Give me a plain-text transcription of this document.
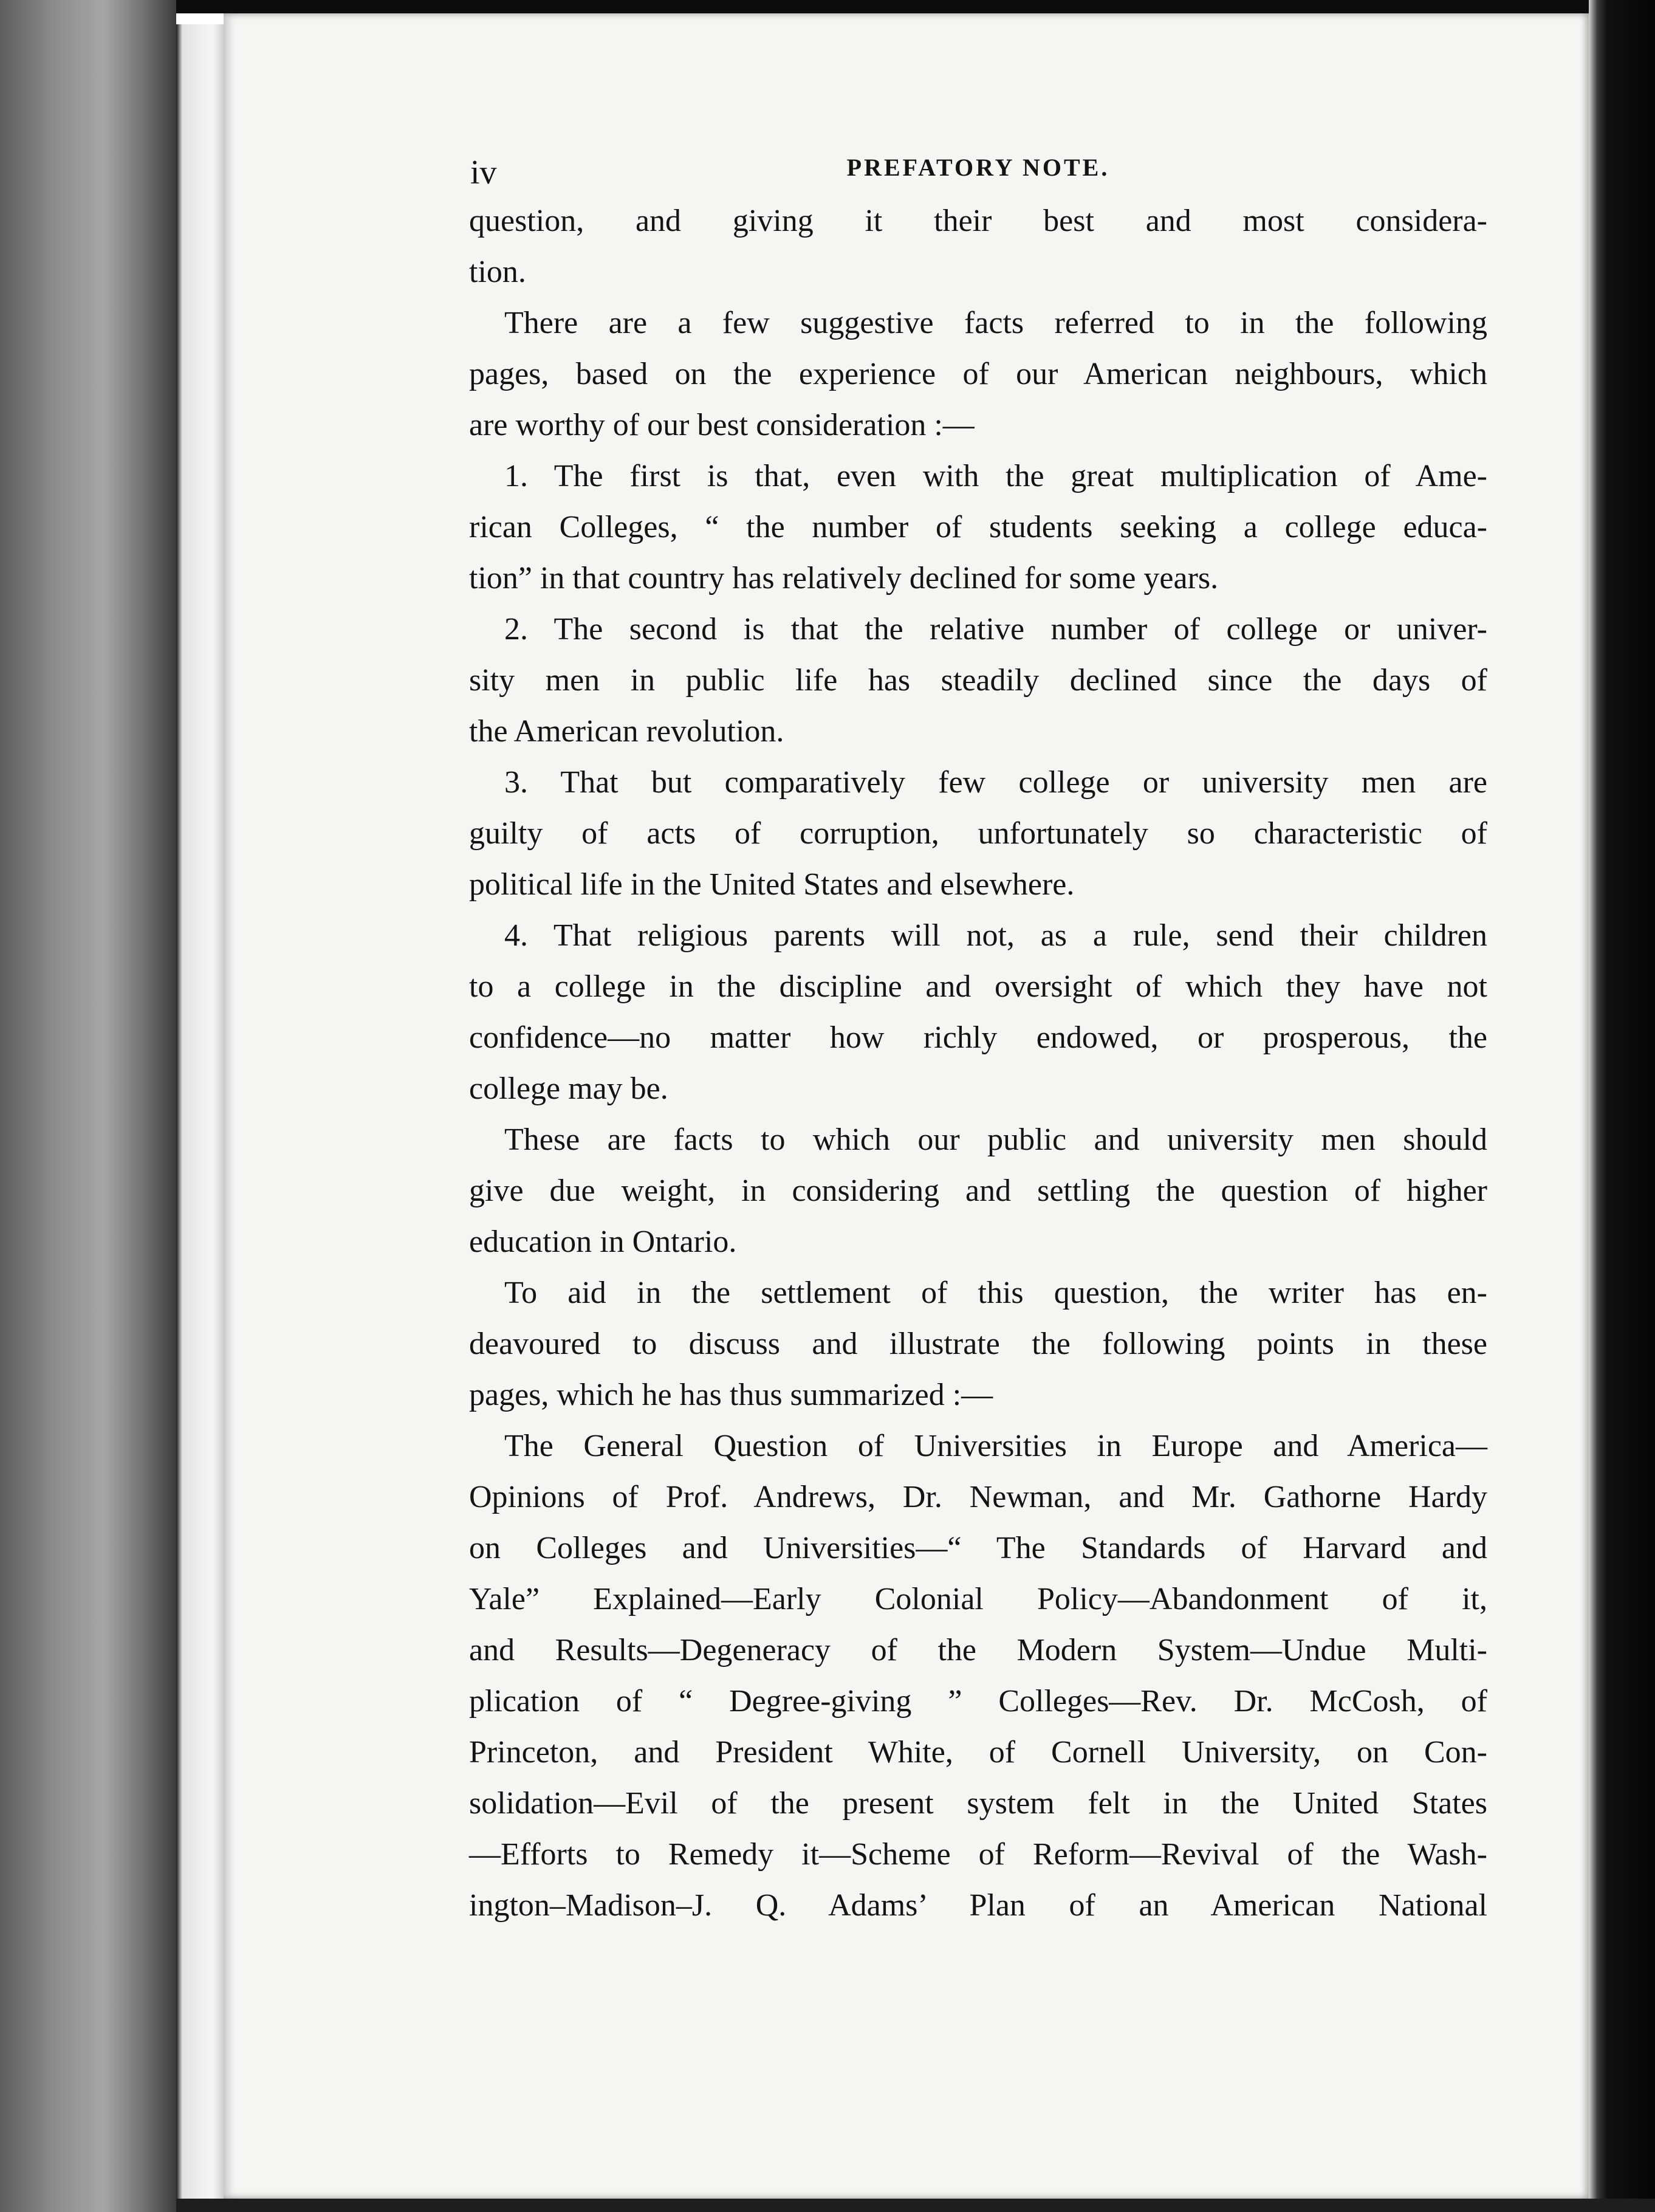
iv	PREFATORY NOTE.
question, and giving it their best and most considera-
tion.
There are a few suggestive facts referred to in the following
pages, based on the experience of our American neighbours, which
are worthy of our best consideration :—
1. The first is that, even with the great multiplication of Ame-
rican Colleges, “ the number of students seeking a college educa-
tion” in that country has relatively declined for some years.
2. The second is that the relative number of college or univer-
sity men in public life has steadily declined since the days of
the American revolution.
3. That but comparatively few college or university men are
guilty of acts of corruption, unfortunately so characteristic of
political life in the United States and elsewhere.
4. That religious parents will not, as a rule, send their children
to a college in the discipline and oversight of which they have not
confidence—no matter how richly endowed, or prosperous, the
college may be.
These are facts to which our public and university men should
give due weight, in considering and settling the question of higher
education in Ontario.
To aid in the settlement of this question, the writer has en-
deavoured to discuss and illustrate the following points in these
pages, which he has thus summarized :—
The General Question of Universities in Europe and America—
Opinions of Prof. Andrews, Dr. Newman, and Mr. Gathorne Hardy
on Colleges and Universities—“ The Standards of Harvard and
Yale” Explained—Early Colonial Policy—Abandonment of it,
and Results—Degeneracy of the Modern System—Undue Multi-
plication of “ Degree-giving ” Colleges—Rev. Dr. McCosh, of
Princeton, and President White, of Cornell University, on Con-
solidation—Evil of the present system felt in the United States
—Efforts to Remedy it—Scheme of Reform—Revival of the Wash-
ington–Madison–J. Q. Adams’ Plan of an American National
